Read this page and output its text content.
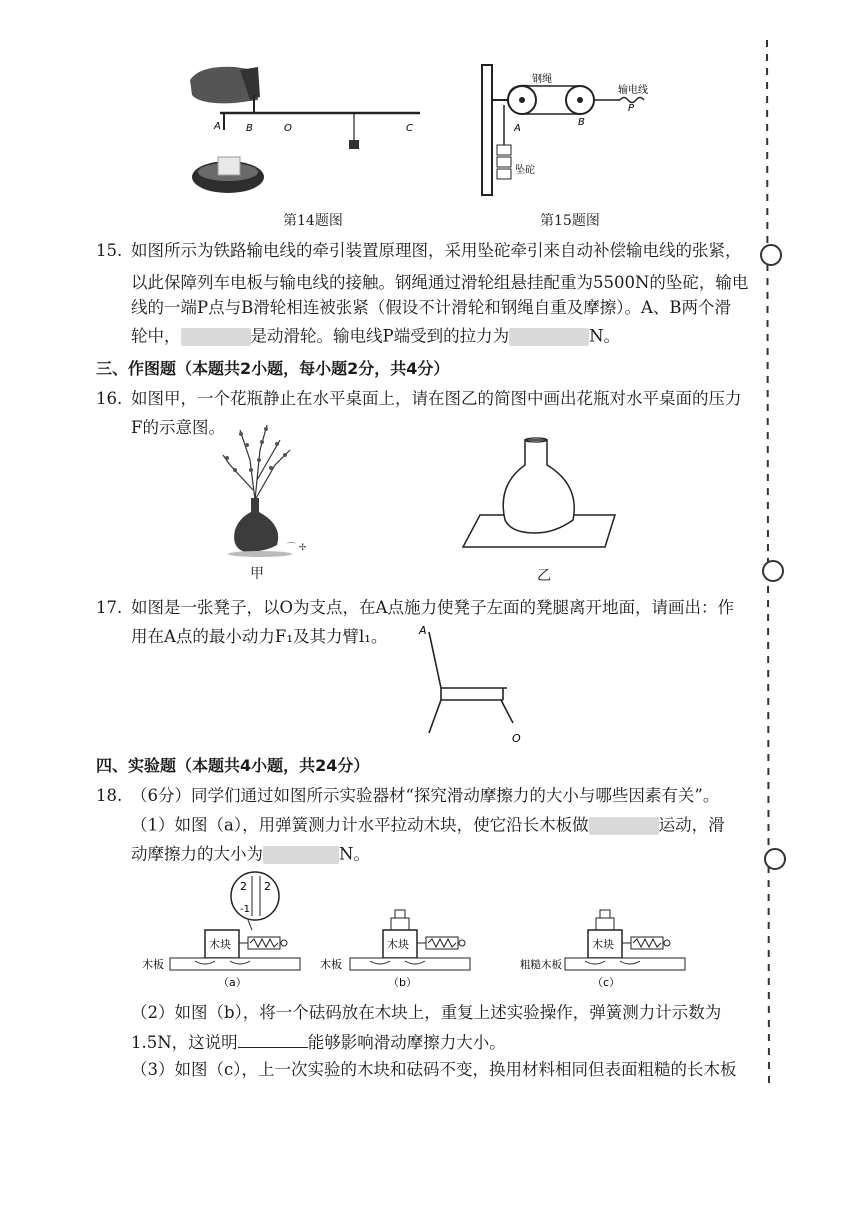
A	B	O	C
第14题图
钢绳
输电线
P
A
B
坠砣
第15题图
15. 如图所示为铁路输电线的牵引装置原理图，采用坠砣牵引来自动补偿输电线的张紧，
以此保障列车电板与输电线的接触。钢绳通过滑轮组悬挂配重为5500N的坠砣，输电
线的一端P点与B滑轮相连被张紧（假设不计滑轮和钢绳自重及摩擦）。A、B两个滑
轮中，	是动滑轮。输电线P端受到的拉力为	N。
三、作图题（本题共2小题，每小题2分，共4分）
16. 如图甲，一个花瓶静止在水平桌面上，请在图乙的简图中画出花瓶对水平桌面的压力
F的示意图。
⌒ ✢
甲	乙
17. 如图是一张凳子，以O为支点，在A点施力使凳子左面的凳腿离开地面，请画出：作
用在A点的最小动力F₁及其力臂l₁。	A
O
四、实验题（本题共4小题，共24分）
18. （6分）同学们通过如图所示实验器材“探究滑动摩擦力的大小与哪些因素有关”。
（1）如图（a），用弹簧测力计水平拉动木块，使它沿长木板做	运动，滑
动摩擦力的大小为	N。
2 2
-1
木块
木板
（a）
木块
木板
（b）
木块
粗糙木板
（c）
（2）如图（b），将一个砝码放在木块上，重复上述实验操作，弹簧测力计示数为
1.5N，这说明	能够影响滑动摩擦力大小。
（3）如图（c），上一次实验的木块和砝码不变，换用材料相同但表面粗糙的长木板
